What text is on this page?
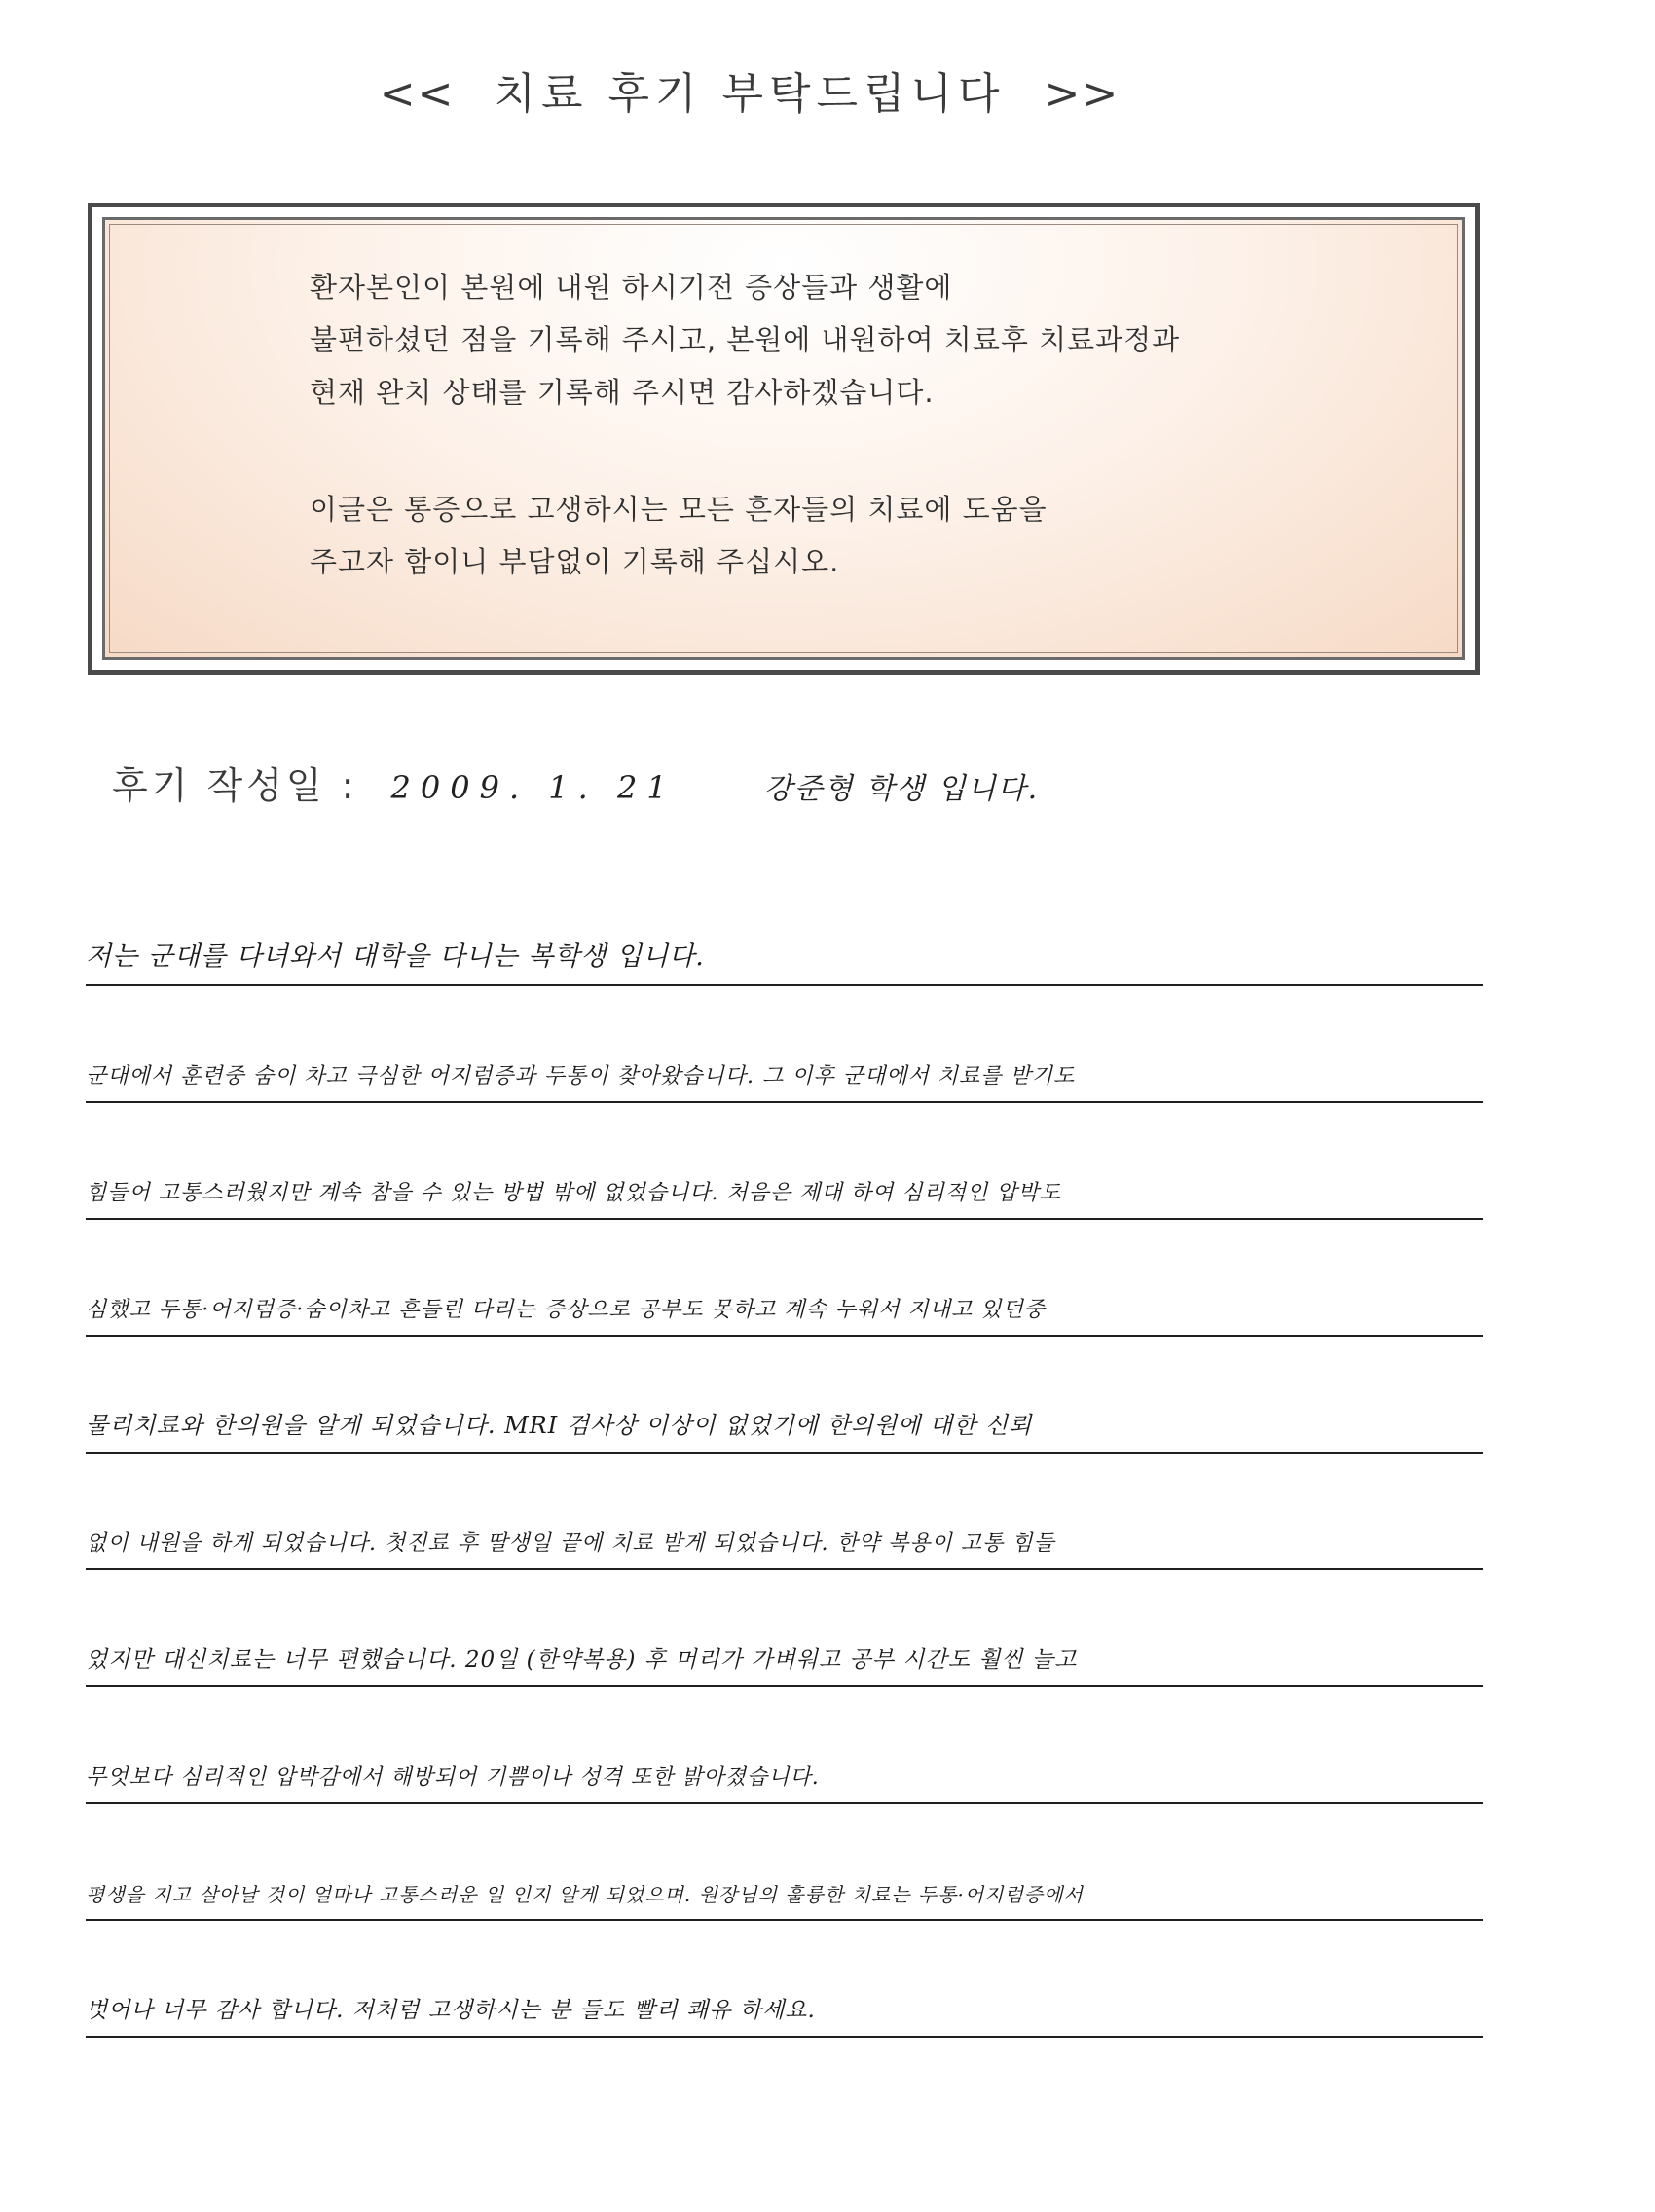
<< 치료 후기 부탁드립니다 >>
환자본인이 본원에 내원 하시기전 증상들과 생활에
불편하셨던 점을 기록해 주시고, 본원에 내원하여 치료후 치료과정과
현재 완치 상태를 기록해 주시면 감사하겠습니다.
이글은 통증으로 고생하시는 모든 흔자들의 치료에 도움을
주고자 함이니 부담없이 기록해 주십시오.
후기 작성일 : 2009. 1. 21	강준형 학생 입니다.
저는 군대를 다녀와서 대학을 다니는 복학생 입니다.
군대에서 훈련중 숨이 차고 극심한 어지럼증과 두통이 찾아왔습니다. 그 이후 군대에서 치료를 받기도
힘들어 고통스러웠지만 계속 참을 수 있는 방법 밖에 없었습니다. 처음은 제대 하여 심리적인 압박도
심했고 두통·어지럼증·숨이차고 흔들린 다리는 증상으로 공부도 못하고 계속 누워서 지내고 있던중
물리치료와 한의원을 알게 되었습니다. MRI 검사상 이상이 없었기에 한의원에 대한 신뢰
없이 내원을 하게 되었습니다. 첫진료 후 딸생일 끝에 치료 받게 되었습니다. 한약 복용이 고통 힘들
었지만 대신치료는 너무 편했습니다. 20일 (한약복용) 후 머리가 가벼워고 공부 시간도 훨씬 늘고
무엇보다 심리적인 압박감에서 해방되어 기쁨이나 성격 또한 밝아졌습니다.
평생을 지고 살아날 것이 얼마나 고통스러운 일 인지 알게 되었으며. 원장님의 훌륭한 치료는 두통·어지럼증에서
벗어나 너무 감사 합니다. 저처럼 고생하시는 분 들도 빨리 쾌유 하세요.
